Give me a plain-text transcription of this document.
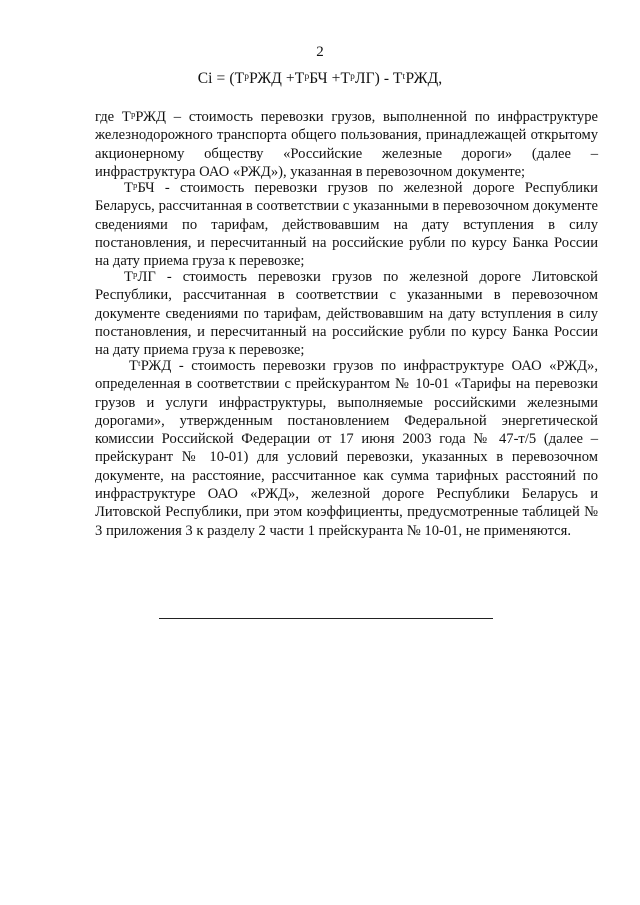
2
Ci = (TᵖРЖД +TᵖБЧ +TᵖЛГ) - TᵗРЖД,

где TᵖРЖД – стоимость перевозки грузов, выполненной по инфраструктуре железнодорожного транспорта общего пользования, принадлежащей открытому акционерному обществу «Российские железные дороги» (далее – инфраструктура ОАО «РЖД»), указанная в перевозочном документе;

TᵖБЧ - стоимость перевозки грузов по железной дороге Республики Беларусь, рассчитанная в соответствии с указанными в перевозочном документе сведениями по тарифам, действовавшим на дату вступления в силу постановления, и пересчитанный на российские рубли по курсу Банка России на дату приема груза к перевозке;

TᵖЛГ - стоимость перевозки грузов по железной дороге Литовской Республики, рассчитанная в соответствии с указанными в перевозочном документе сведениями по тарифам, действовавшим на дату вступления в силу постановления, и пересчитанный на российские рубли по курсу Банка России на дату приема груза к перевозке;

TᵗРЖД - стоимость перевозки грузов по инфраструктуре ОАО «РЖД», определенная в соответствии с прейскурантом № 10-01 «Тарифы на перевозки грузов и услуги инфраструктуры, выполняемые российскими железными дорогами», утвержденным постановлением Федеральной энергетической комиссии Российской Федерации от 17 июня 2003 года № 47-т/5 (далее – прейскурант № 10-01) для условий перевозки, указанных в перевозочном документе, на расстояние, рассчитанное как сумма тарифных расстояний по инфраструктуре ОАО «РЖД», железной дороге Республики Беларусь и Литовской Республики, при этом коэффициенты, предусмотренные таблицей № 3 приложения 3 к разделу 2 части 1 прейскуранта № 10-01, не применяются.
